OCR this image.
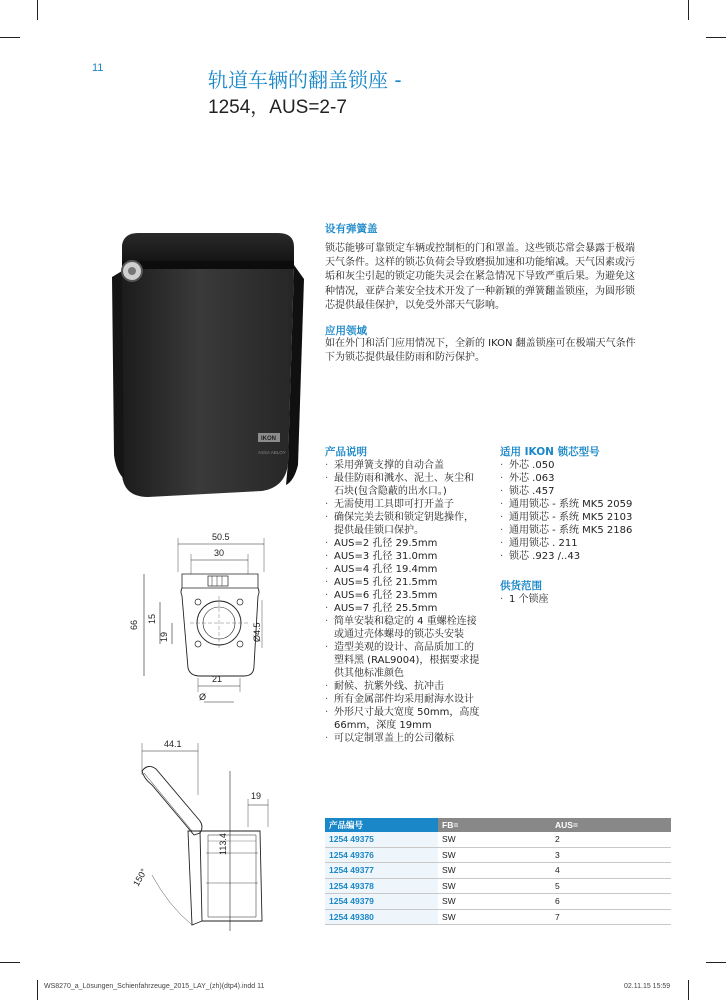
11	轨道车辆的翻盖锁座 -
1254，AUS=2-7
IKON
ASSA ABLOY
50.5
30
66
15
19	Ø4.5
21
Ø
44.1
150°
19
113.4
设有弹簧盖
锁芯能够可靠锁定车辆或控制柜的门和罩盖。这些锁芯常会暴露于极端
天气条件。这样的锁芯负荷会导致磨损加速和功能缩减。天气因素或污
垢和灰尘引起的锁定功能失灵会在紧急情况下导致严重后果。为避免这
种情况，亚萨合莱安全技术开发了一种新颖的弹簧翻盖锁座，为圆形锁
芯提供最佳保护，以免受外部天气影响。
应用领域
如在外门和活门应用情况下，全新的 IKON 翻盖锁座可在极端天气条件
下为锁芯提供最佳防雨和防污保护。
产品说明
· 采用弹簧支撑的自动合盖
· 最佳防雨和溅水、泥土、灰尘和
石块(包含隐蔽的出水口。)
· 无需使用工具即可打开盖子
· 确保完美去锁和锁定钥匙操作，
提供最佳锁口保护。
· AUS=2 孔径 29.5mm
· AUS=3 孔径 31.0mm
· AUS=4 孔径 19.4mm
· AUS=5 孔径 21.5mm
· AUS=6 孔径 23.5mm
· AUS=7 孔径 25.5mm
· 简单安装和稳定的 4 重螺栓连接
或通过壳体螺母的锁芯头安装
· 造型美观的设计、高品质加工的
塑料黑 (RAL9004)，根据要求提
供其他标准颜色
· 耐候、抗紫外线、抗冲击
· 所有金属部件均采用耐海水设计
· 外形尺寸最大宽度 50mm，高度
66mm，深度 19mm
· 可以定制罩盖上的公司徽标
适用 IKON 锁芯型号
· 外芯 .050
· 外芯 .063
· 锁芯 .457
· 通用锁芯 - 系统 MK5 2059
· 通用锁芯 - 系统 MK5 2103
· 通用锁芯 - 系统 MK5 2186
· 通用锁芯 . 211
· 锁芯 .923 /..43
供货范围
· 1 个锁座
产品编号	FB=	AUS=
1254 49375	SW	2
1254 49376	SW	3
1254 49377	SW	4
1254 49378	SW	5
1254 49379	SW	6
1254 49380	SW	7
WS8270_a_Lösungen_Schienfahrzeuge_2015_LAY_(zh)(dtp4).indd 11	02.11.15 15:59
